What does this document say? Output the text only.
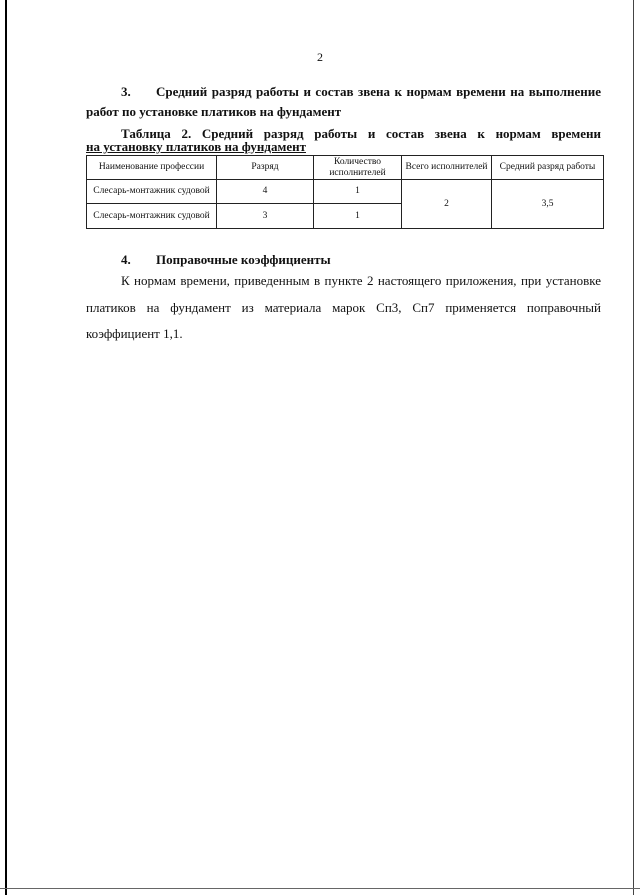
2
3. Средний разряд работы и состав звена к нормам времени на выполнение
работ по установке платиков на фундамент
Таблица 2. Средний разряд работы и состав звена к нормам времени
на установку платиков на фундамент
Наименование профессии	Разряд	Количество исполнителей	Всего исполнителей	Средний разряд работы
Слесарь-монтажник судовой	4	1	2	3,5
Слесарь-монтажник судовой	3	1		
4. Поправочные коэффициенты
К нормам времени, приведенным в пункте 2 настоящего приложения, при установке
платиков на фундамент из материала марок Сп3, Сп7 применяется поправочный
коэффициент 1,1.
